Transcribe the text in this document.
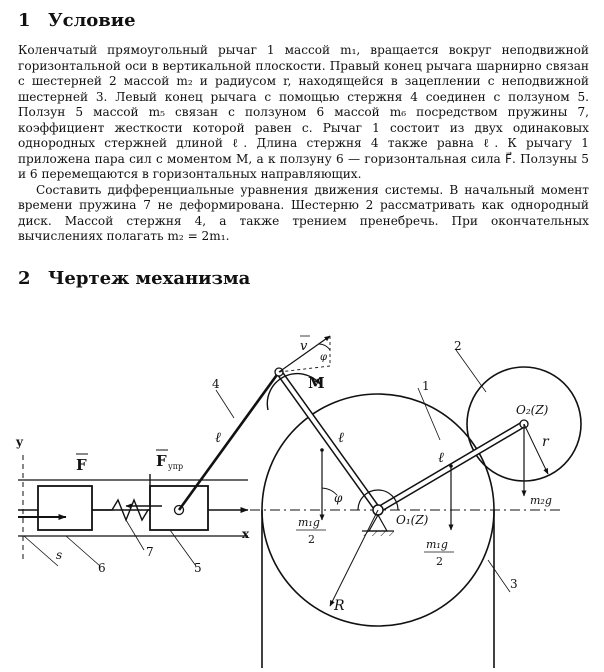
1 Условие

Коленчатый прямоугольный рычаг 1 массой m₁, вращается вокруг неподвижной горизонтальной оси в вертикальной плоскости. Правый конец рычага шарнирно связан с шестерней 2 массой m₂ и радиусом r, находящейся в зацеплении с неподвижной шестерней 3. Левый конец рычага с помощью стержня 4 соединен с ползуном 5. Ползун 5 массой m₅ связан с ползуном 6 массой m₆ посредством пружины 7, коэффициент жесткости которой равен c. Рычаг 1 состоит из двух одинаковых однородных стержней длиной ℓ. Длина стержня 4 также равна ℓ. К рычагу 1 приложена пара сил с моментом M, а к ползуну 6 — горизонтальная сила F⃗. Ползуны 5 и 6 перемещаются в горизонтальных направляющих.

Составить дифференциальные уравнения движения системы. В начальный момент времени пружина 7 не деформирована. Шестерню 2 рассматривать как однородный диск. Массой стержня 4, а также трением пренебречь. При окончательных вычислениях полагать m₂ = 2m₁.

2 Чертеж механизма
y
x
F	F упр
s
6
7
5
4
ℓ	ℓ
ℓ
M
v
φ
φ
O₁(Z)
O₂(Z)
1
2
3
R
r
m₁g
2	m₁g
2
m₂g
